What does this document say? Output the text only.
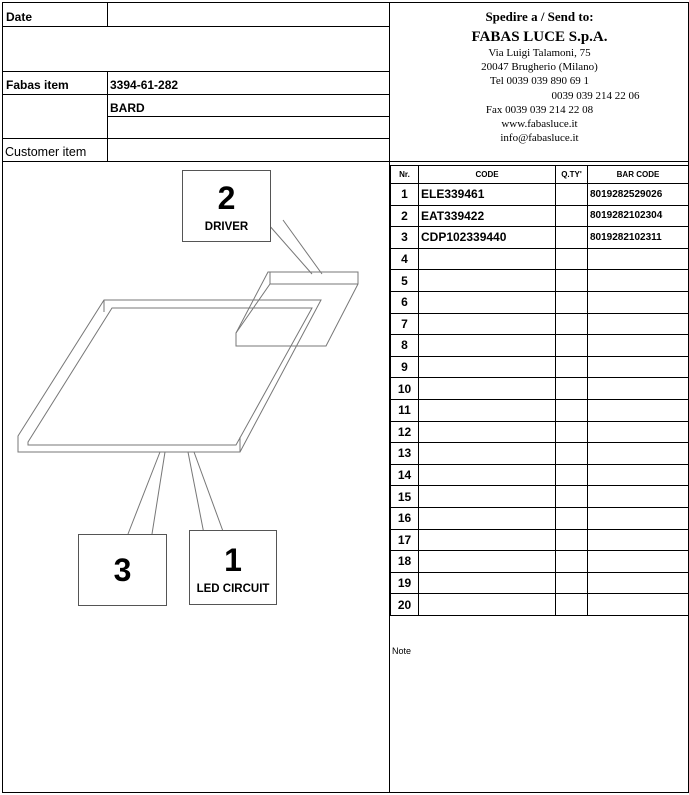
Date
Fabas item	3394-61-282
BARD
Customer item
Spedire a / Send to:
FABAS LUCE S.p.A.
Via Luigi Talamoni, 75
20047 Brugherio (Milano)
Tel 0039 039 890 69 1
0039 039 214 22 06
Fax 0039 039 214 22 08
www.fabasluce.it
info@fabasluce.it
Nr.	CODE	Q.TY'	BAR CODE
1	ELE339461		8019282529026
2	EAT339422		8019282102304
3	CDP102339440		8019282102311
4			
5			
6			
7			
8			
9			
10			
11			
12			
13			
14			
15			
16			
17			
18			
19			
20			
Note
2
DRIVER
3	1
LED CIRCUIT
